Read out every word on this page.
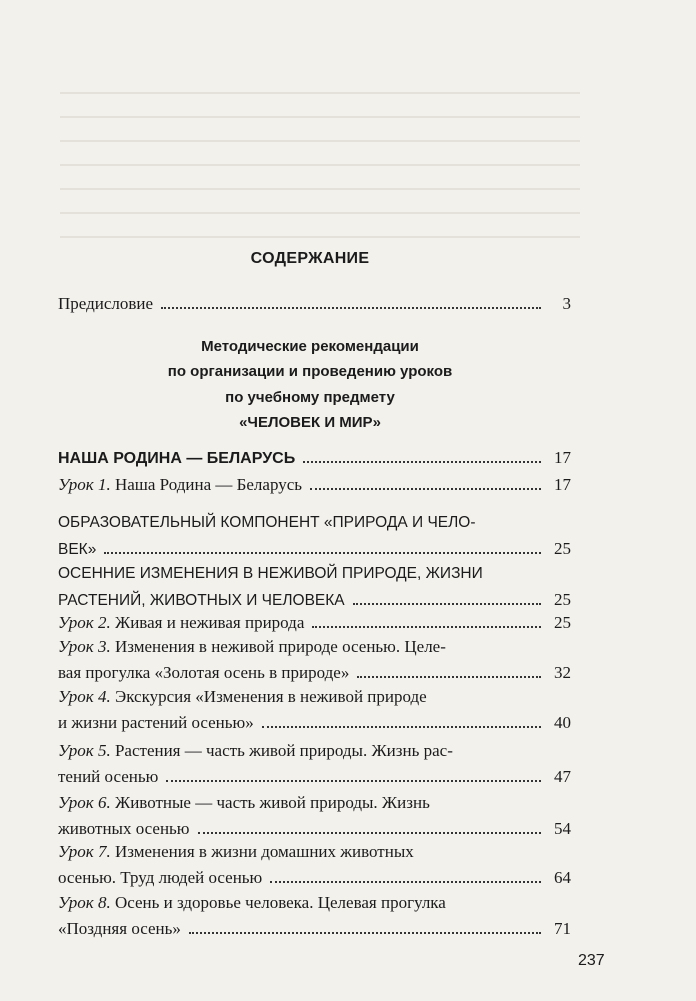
СОДЕРЖАНИЕ
Предисловие	3
Методические рекомендации
по организации и проведению уроков
по учебному предмету
«ЧЕЛОВЕК И МИР»
НАША РОДИНА — БЕЛАРУСЬ	17
Урок 1. Наша Родина — Беларусь	17
ОБРАЗОВАТЕЛЬНЫЙ КОМПОНЕНТ «ПРИРОДА И ЧЕЛО-
ВЕК»	25
ОСЕННИЕ ИЗМЕНЕНИЯ В НЕЖИВОЙ ПРИРОДЕ, ЖИЗНИ
РАСТЕНИЙ, ЖИВОТНЫХ И ЧЕЛОВЕКА	25
Урок 2. Живая и неживая природа	25
Урок 3.
Изменения в неживой природе осенью. Целе-
вая прогулка «Золотая осень в природе»	32
Урок 4.
Экскурсия «Изменения в неживой природе
и жизни растений осенью»	40
Урок 5.
Растения — часть живой природы. Жизнь рас-
тений осенью	47
Урок 6.
Животные — часть живой природы. Жизнь
животных осенью	54
Урок 7.
Изменения в жизни домашних животных
осенью. Труд людей осенью	64
Урок 8.
Осень и здоровье человека. Целевая прогулка
«Поздняя осень»	71
237
